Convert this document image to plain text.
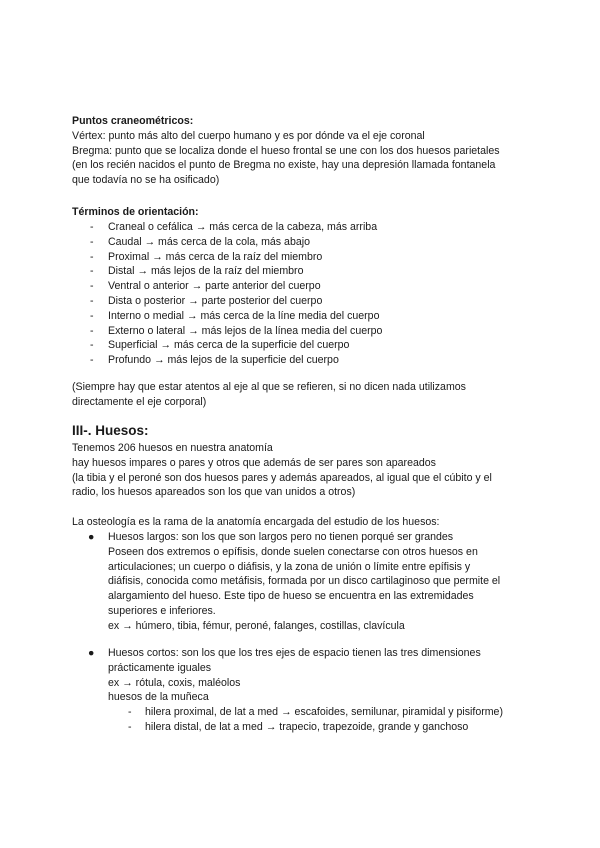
Puntos craneométricos:
Vértex: punto más alto del cuerpo humano y es por dónde va el eje coronal
Bregma: punto que se localiza donde el hueso frontal se une con los dos huesos parietales
(en los recién nacidos el punto de Bregma no existe, hay una depresión llamada fontanela
que todavía no se ha osificado)
Términos de orientación:
- Craneal o cefálica → más cerca de la cabeza, más arriba
- Caudal → más cerca de la cola, más abajo
- Proximal → más cerca de la raíz del miembro
- Distal → más lejos de la raíz del miembro
- Ventral o anterior → parte anterior del cuerpo
- Dista o posterior → parte posterior del cuerpo
- Interno o medial → más cerca de la líne media del cuerpo
- Externo o lateral → más lejos de la línea media del cuerpo
- Superficial → más cerca de la superficie del cuerpo
- Profundo → más lejos de la superficie del cuerpo
(Siempre hay que estar atentos al eje al que se refieren, si no dicen nada utilizamos
directamente el eje corporal)
III-. Huesos:
Tenemos 206 huesos en nuestra anatomía
hay huesos impares o pares y otros que además de ser pares son apareados
(la tibia y el peroné son dos huesos pares y además apareados, al igual que el cúbito y el
radio, los huesos apareados son los que van unidos a otros)
La osteología es la rama de la anatomía encargada del estudio de los huesos:
● Huesos largos: son los que son largos pero no tienen porqué ser grandes
Poseen dos extremos o epífisis, donde suelen conectarse con otros huesos en
articulaciones; un cuerpo o diáfisis, y la zona de unión o límite entre epífisis y
diáfisis, conocida como metáfisis, formada por un disco cartilaginoso que permite el
alargamiento del hueso. Este tipo de hueso se encuentra en las extremidades
superiores e inferiores.
ex → húmero, tibia, fémur, peroné, falanges, costillas, clavícula
● Huesos cortos: son los que los tres ejes de espacio tienen las tres dimensiones
prácticamente iguales
ex → rótula, coxis, maléolos
huesos de la muñeca
- hilera proximal, de lat a med → escafoides, semilunar, piramidal y pisiforme)
- hilera distal, de lat a med → trapecio, trapezoide, grande y ganchoso
